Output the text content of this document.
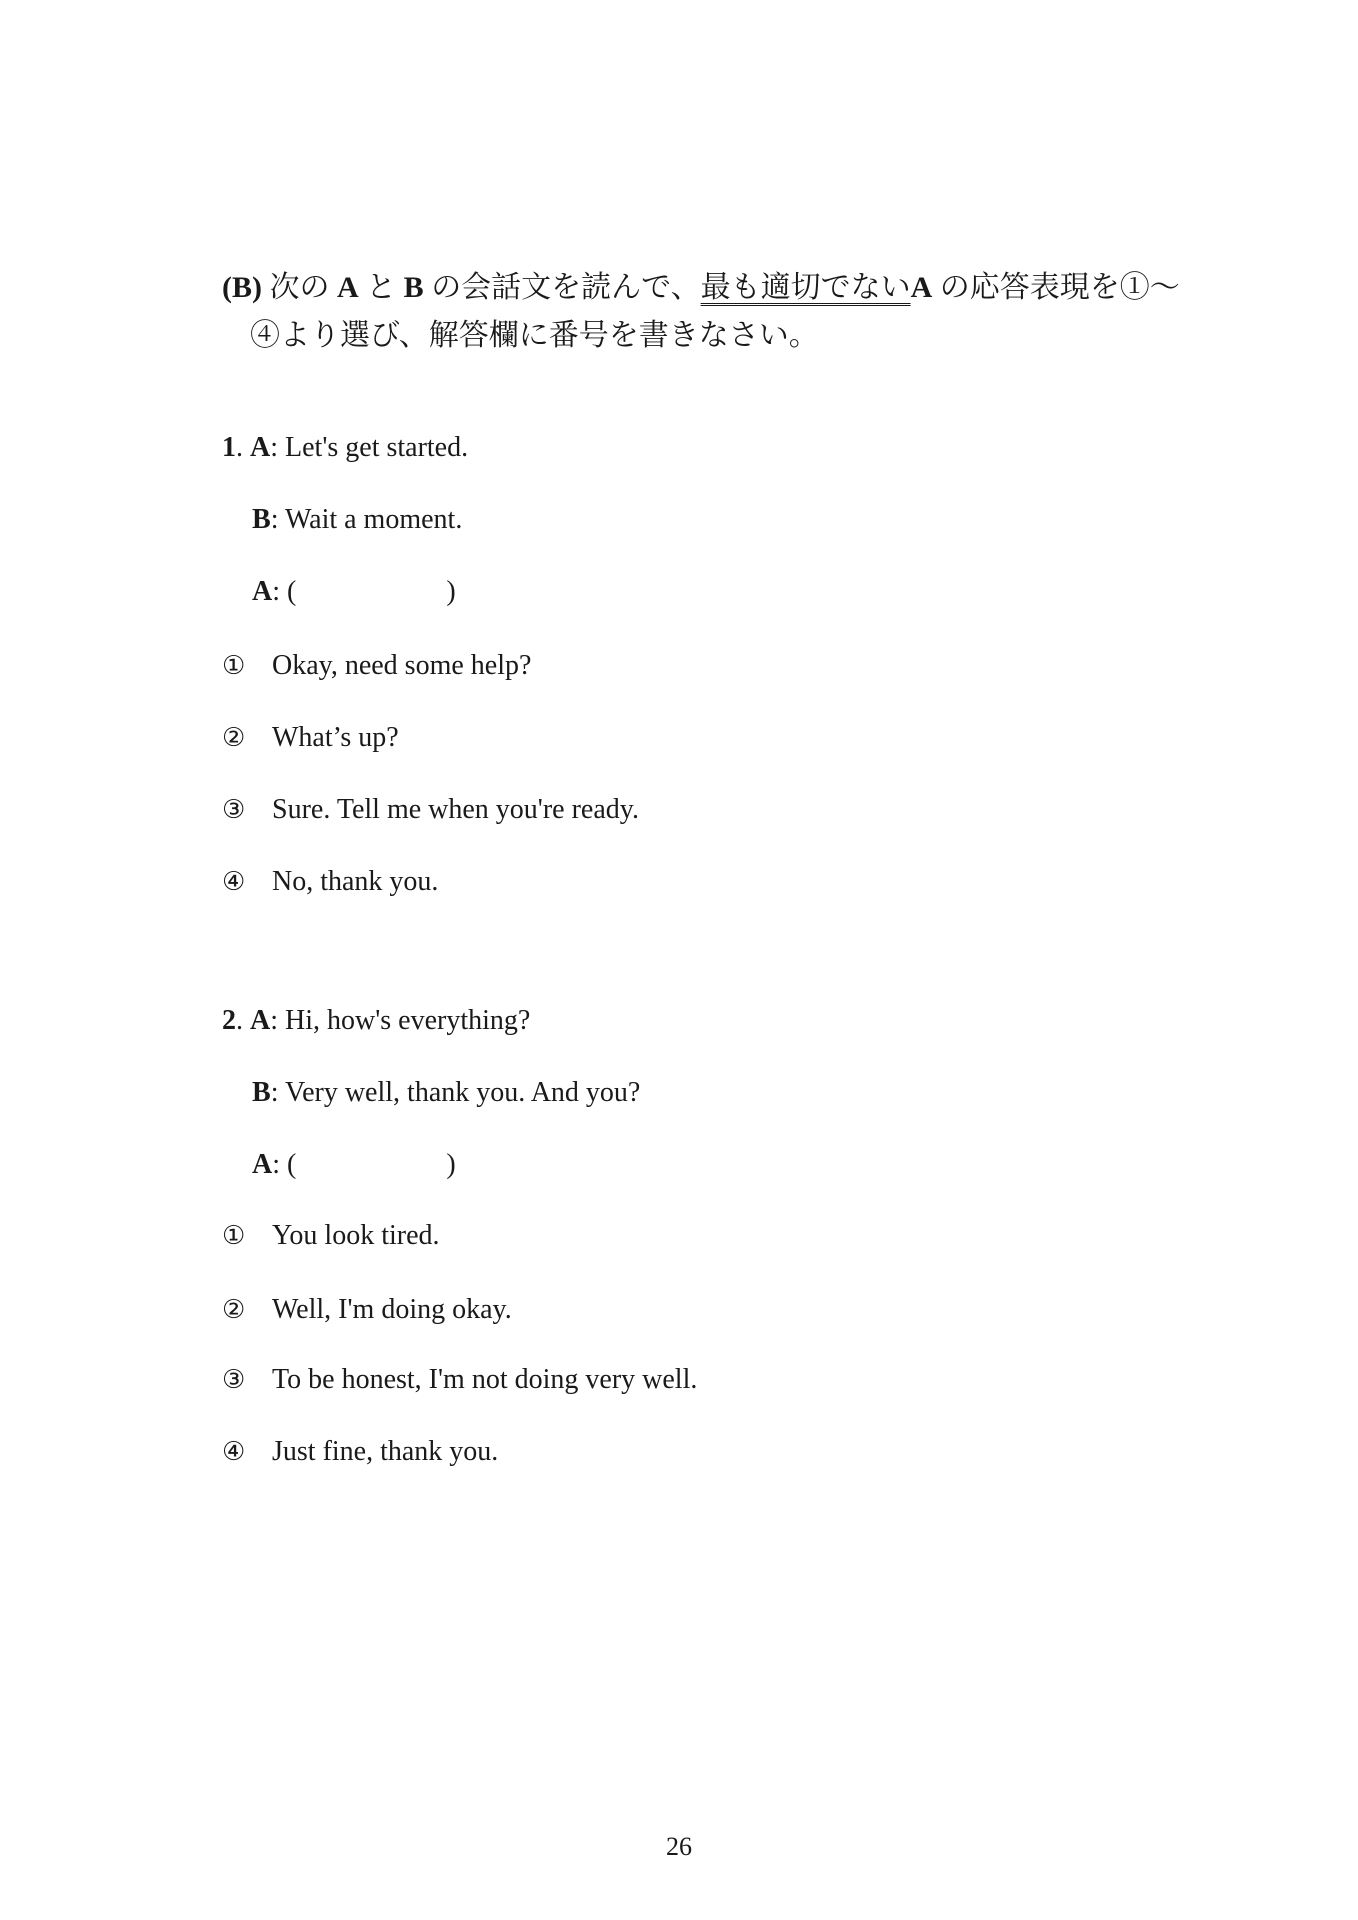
(B) 次の A と B の会話文を読んで、最も適切でないA の応答表現を①～
④より選び、解答欄に番号を書きなさい。
1. A: Let's get started.
B: Wait a moment.
A: (	)
① Okay, need some help?
② What’s up?
③ Sure. Tell me when you're ready.
④ No, thank you.
2. A: Hi, how's everything?
B: Very well, thank you. And you?
A: (	)
① You look tired.
② Well, I'm doing okay.
③ To be honest, I'm not doing very well.
④ Just fine, thank you.
26
